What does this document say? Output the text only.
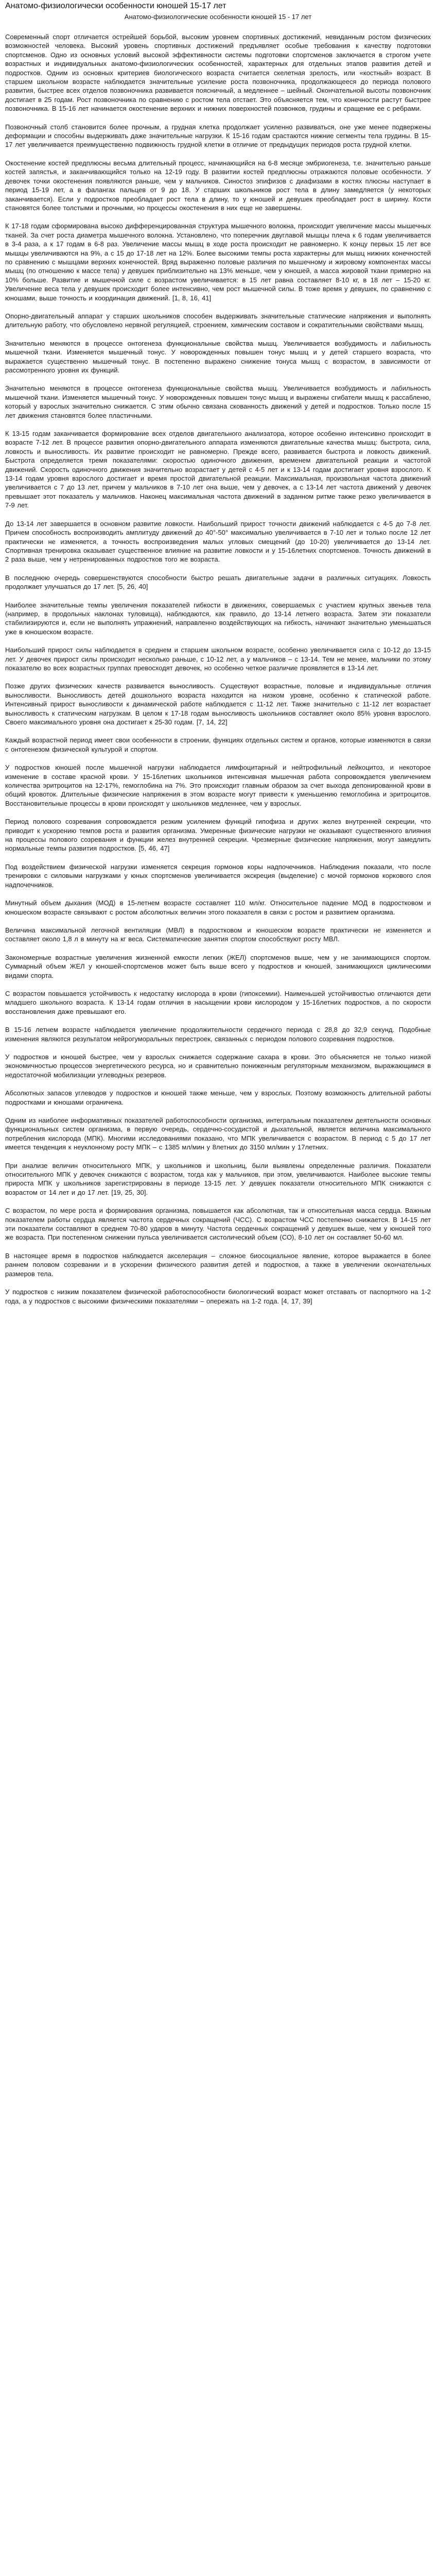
Анатомо-физиологически особенности юношей 15-17 лет
Анатомо-физиологические особенности юношей 15 - 17 лет

Современный спорт отличается острейшей борьбой, высоким уровнем спортивных достижений, невиданным ростом физических возможностей человека. Высокий уровень спортивных достижений предъявляет особые требования к качеству подготовки спортсменов. Одно из основных условий высокой эффективности системы подготовки спортсменов заключается в строгом учете возрастных и индивидуальных анатомо-физиологических особенностей, характерных для отдельных этапов развития детей и подростков. Одним из основных критериев биологического возраста считается скелетная зрелость, или «костный» возраст. В старшем школьном возрасте наблюдается значительные усиление роста позвоночника, продолжающееся до периода полового развития, быстрее всех отделов позвоночника развивается поясничный, а медленнее – шейный. Окончательной высоты позвоночник достигает в 25 годам. Рост позвоночника по сравнению с ростом тела отстает. Это объясняется тем, что конечности растут быстрее позвоночника. В 15-16 лет начинается окостенение верхних и нижних поверхностей позвонков, грудины и сращение ее с ребрами.

Позвоночный столб становится более прочным, а грудная клетка продолжает усиленно развиваться, оне уже менее подвержены деформации и способны выдерживать даже значительные нагрузки. К 15-16 годам срастаются нижние сегменты тела грудины. В 15-17 лет увеличивается преимущественно подвижность грудной клетки в отличие от предыдущих периодов роста грудной клетки.

Окостенение костей предплюсны весьма длительный процесс, начинающийся на 6-8 месяце эмбриогенеза, т.е. значительно раньше костей запястья, и заканчивающийся только на 12-19 году. В развитии костей предплюсны отражаются половые особенности. У девочек точки окостенения появляются раньше, чем у мальчиков. Синостоз эпифизов с диафизами в костях плюсны наступает в период 15-19 лет, а в фалангах пальцев от 9 до 18. У старших школьников рост тела в длину замедляется (у некоторых заканчивается). Если у подростков преобладает рост тела в длину, то у юношей и девушек преобладает рост в ширину. Кости становятся более толстыми и прочными, но процессы окостенения в них еще не завершены.

К 17-18 годам сформирована высоко дифференцированная структура мышечного волокна, происходит увеличение массы мышечных тканей. За счет роста диаметра мышечного волокна. Установлено, что поперечник двуглавой мышцы плеча к 6 годам увеличивается в 3-4 раза, а к 17 годам в 6-8 раз. Увеличение массы мышц в ходе роста происходит не равномерно. К концу первых 15 лет все мышцы увеличиваются на 9%, а с 15 до 17-18 лет на 12%. Более высокими темпы роста характерны для мышц нижних конечностей по сравнению с мышцами верхних конечностей. Вряд выраженно половые различия по мышечному и жировому компонентах массы мышц (по отношению к массе тела) у девушек приблизительно на 13% меньше, чем у юношей, а масса жировой ткани примерно на 10% больше. Развитие и мышечной силе с возрастом увеличивается: в 15 лет равна составляет 8-10 кг, в 18 лет – 15-20 кг. Увеличение веса тела у девушек происходит более интенсивно, чем рост мышечной силы. В тоже время у девушек, по сравнению с юношами, выше точность и координация движений. [1, 8, 16, 41]

Опорно-двигательный аппарат у старших школьников способен выдерживать значительные статические напряжения и выполнять длительную работу, что обусловлено нервной регуляцией, строением, химическим составом и сократительными свойствами мышц.

Значительно меняются в процессе онтогенеза функциональные свойства мышц. Увеличивается возбудимость и лабильность мышечной ткани. Изменяется мышечный тонус. У новорожденных повышен тонус мышц и у детей старшего возраста, что выражается существенно мышечный тонус. В постепенно выражено снижение тонуса мышц с возрастом, в зависимости от рассмотренного уровня их функций.

Значительно меняются в процессе онтогенеза функциональные свойства мышц. Увеличивается возбудимость и лабильность мышечной ткани. Изменяется мышечный тонус. У новорожденных повышен тонус мышц и выражены сгибатели мышц к рассабленю, который у взрослых значительно снижается. С этим обычно связана скованность движений у детей и подростков. Только после 15 лет движения становятся более пластичными.

К 13-15 годам заканчивается формирование всех отделов двигательного анализатора, которое особенно интенсивно происходит в возрасте 7-12 лет. В процессе развития опорно-двигательного аппарата изменяются двигательные качества мышц: быстрота, сила, ловкость и выносливость. Их развитие происходит не равномерно. Прежде всего, развивается быстрота и ловкость движений. Быстрота определяется тремя показателями: скоростью одиночного движения, временем двигательной реакции и частотой движений. Скорость одиночного движения значительно возрастает у детей с 4-5 лет и к 13-14 годам достигает уровня взрослого. К 13-14 годам уровня взрослого достигает и время простой двигательной реакции. Максимальная, произвольная частота движений увеличивается с 7 до 13 лет, причем у мальчиков в 7-10 лет она выше, чем у девочек, а с 13-14 лет частота движений у девочек превышает этот показатель у мальчиков. Наконец максимальная частота движений в заданном ритме также резко увеличивается в 7-9 лет.

До 13-14 лет завершается в основном развитие ловкости. Наибольший прирост точности движений наблюдается с 4-5 до 7-8 лет. Причем способность воспроизводить амплитуду движений до 40°-50° максимально увеличивается в 7-10 лет и только после 12 лет практически не изменяется, а точность воспроизведения малых угловых смещений (до 10-20) увеличивается до 13-14 лет. Спортивная тренировка оказывает существенное влияние на развитие ловкости и у 15-16летних спортсменов. Точность движений в 2 раза выше, чем у нетренированных подростков того же возраста.

В последнюю очередь совершенствуются способности быстро решать двигательные задачи в различных ситуациях. Ловкость продолжает улучшаться до 17 лет. [5, 26, 40]

Наиболее значительные темпы увеличения показателей гибкости в движениях, совершаемых с участием крупных звеньев тела (например, в продольных наклонах туловища), наблюдаются, как правило, до 13-14 летнего возраста. Затем эти показатели стабилизируются и, если не выполнять упражнений, направленно воздействующих на гибкость, начинают значительно уменьшаться уже в юношеском возрасте.

Наибольший прирост силы наблюдается в среднем и старшем школьном возрасте, особенно увеличивается сила с 10-12 до 13-15 лет. У девочек прирост силы происходит несколько раньше, с 10-12 лет, а у мальчиков – с 13-14. Тем не менее, мальчики по этому показателю во всех возрастных группах превосходят девочек, но особенно четкое различие проявляется в 13-14 лет.

Позже других физических качеств развивается выносливость. Существуют возрастные, половые и индивидуальные отличия выносливости. Выносливость детей дошкольного возраста находится на низком уровне, особенно к статической работе. Интенсивный прирост выносливости к динамической работе наблюдается с 11-12 лет. Также значительно с 11-12 лет возрастает выносливость к статическим нагрузкам. В целом к 17-18 годам выносливость школьников составляет около 85% уровня взрослого. Своего максимального уровня она достигает к 25-30 годам. [7, 14, 22]

Каждый возрастной период имеет свои особенности в строении, функциях отдельных систем и органов, которые изменяются в связи с онтогенезом физической культурой и спортом.

У подростков юношей после мышечной нагрузки наблюдается лимфоцитарный и нейтрофильный лейкоцитоз, и некоторое изменение в составе красной крови. У 15-16летних школьников интенсивная мышечная работа сопровождается увеличением количества эритроцитов на 12-17%, гемоглобина на 7%. Это происходит главным образом за счет выхода депонированной крови в общий кровоток. Длительные физические напряжения в этом возрасте могут привести к уменьшению гемоглобина и эритроцитов. Восстановительные процессы в крови происходят у школьников медленнее, чем у взрослых.

Период полового созревания сопровождается резким усилением функций гипофиза и других желез внутренней секреции, что приводит к ускорению темпов роста и развития организма. Умеренные физические нагрузки не оказывают существенного влияния на процессы полового созревания и функции желез внутренней секреции. Чрезмерные физические напряжения, могут замедлить нормальные темпы развития подростков. [5, 46, 47]

Под воздействием физической нагрузки изменяется секреция гормонов коры надпочечников. Наблюдения показали, что после тренировки с силовыми нагрузками у юных спортсменов увеличивается экскреция (выделение) с мочой гормонов коркового слоя надпочечников.

Минутный объем дыхания (МОД) в 15-летнем возрасте составляет 110 мл/кг. Относительное падение МОД в подростковом и юношеском возрасте связывают с ростом абсолютных величин этого показателя в связи с ростом и развитием организма.

Величина максимальной легочной вентиляции (МВЛ) в подростковом и юношеском возрасте практически не изменяется и составляет около 1,8 л в минуту на кг веса. Систематические занятия спортом способствуют росту МВЛ.

Закономерные возрастные увеличения жизненной емкости легких (ЖЕЛ) спортсменов выше, чем у не занимающихся спортом. Суммарный объем ЖЕЛ у юношей-спортсменов может быть выше всего у подростков и юношей, занимающихся циклическими видами спорта.

С возрастом повышается устойчивость к недостатку кислорода в крови (гипоксемии). Наименьшей устойчивостью отличаются дети младшего школьного возраста. К 13-14 годам отличия в насыщении крови кислородом у 15-16летних подростков, а по скорости восстановления даже превышают его.

В 15-16 летнем возрасте наблюдается увеличение продолжительности сердечного периода с 28,8 до 32,9 секунд. Подобные изменения являются результатом нейрогуморальных перестроек, связанных с периодом полового созревания подростков.

У подростков и юношей быстрее, чем у взрослых снижается содержание сахара в крови. Это объясняется не только низкой экономичностью процессов энергетического ресурса, но и сравнительно пониженным регуляторным механизмом, выражающимся в недостаточной мобилизации углеводных резервов.

Абсолютных запасов углеводов у подростков и юношей также меньше, чем у взрослых. Поэтому возможность длительной работы подростками и юношами ограничена.

Одним из наиболее информативных показателей работоспособности организма, интегральным показателем деятельности основных функциональных систем организма, в первую очередь, сердечно-сосудистой и дыхательной, является величина максимального потребления кислорода (МПК). Многими исследованиями показано, что МПК увеличивается с возрастом. В период с 5 до 17 лет имеется тенденция к неуклонному росту МПК – с 1385 мл/мин у 8летних до 3150 мл/мин у 17летних.

При анализе величин относительного МПК, у школьников и школьниц, были выявлены определенные различия. Показатели относительного МПК у девочек снижаются с возрастом, тогда как у мальчиков, при этом, увеличиваются. Наиболее высокие темпы прироста МПК у школьников зарегистрированы в периоде 13-15 лет. У девушек показатели относительного МПК снижаются с возрастом от 14 лет и до 17 лет. [19, 25, 30].

С возрастом, по мере роста и формирования организма, повышается как абсолютная, так и относительная масса сердца. Важным показателем работы сердца является частота сердечных сокращений (ЧСС). С возрастом ЧСС постепенно снижается. В 14-15 лет эти показатели составляют в среднем 70-80 ударов в минуту. Частота сердечных сокращений у девушек выше, чем у юношей того же возраста. При постепенном снижении пульса увеличивается систолический объем (СО), 8-10 лет он составляет 50-60 мл.

В настоящее время в подростков наблюдается акселерация – сложное биосоциальное явление, которое выражается в более раннем половом созревании и в ускорении физического развития детей и подростков, а также в увеличении окончательных размеров тела.

У подростков с низким показателем физической работоспособности биологический возраст может отставать от паспортного на 1-2 года, а у подростков с высокими физическими показателями – опережать на 1-2 года. [4, 17, 39]
